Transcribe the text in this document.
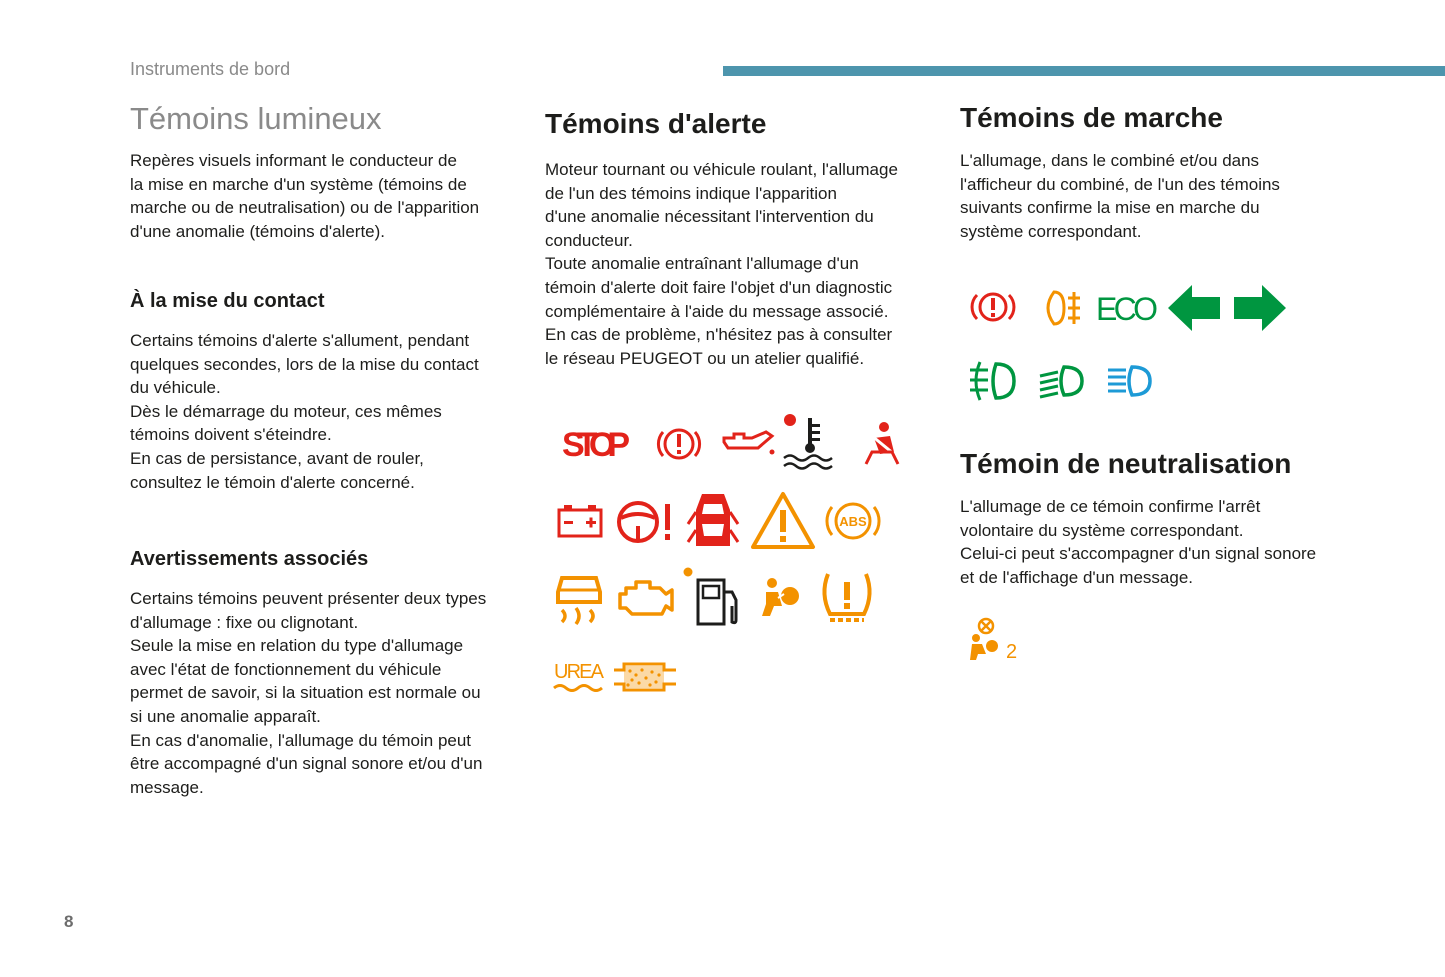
Instruments de bord
Témoins lumineux

Repères visuels informant le conducteur de
la mise en marche d'un système (témoins de
marche ou de neutralisation) ou de l'apparition
d'une anomalie (témoins d'alerte).

À la mise du contact

Certains témoins d'alerte s'allument, pendant
quelques secondes, lors de la mise du contact
du véhicule.
Dès le démarrage du moteur, ces mêmes
témoins doivent s'éteindre.
En cas de persistance, avant de rouler,
consultez le témoin d'alerte concerné.

Avertissements associés

Certains témoins peuvent présenter deux types
d'allumage : fixe ou clignotant.
Seule la mise en relation du type d'allumage
avec l'état de fonctionnement du véhicule
permet de savoir, si la situation est normale ou
si une anomalie apparaît.
En cas d'anomalie, l'allumage du témoin peut
être accompagné d'un signal sonore et/ou d'un
message.

Témoins d'alerte

Moteur tournant ou véhicule roulant, l'allumage
de l'un des témoins indique l'apparition
d'une anomalie nécessitant l'intervention du
conducteur.
Toute anomalie entraînant l'allumage d'un
témoin d'alerte doit faire l'objet d'un diagnostic
complémentaire à l'aide du message associé.
En cas de problème, n'hésitez pas à consulter
le réseau PEUGEOT ou un atelier qualifié.

STOP
ABS
UREA
Témoins de marche

L'allumage, dans le combiné et/ou dans
l'afficheur du combiné, de l'un des témoins
suivants confirme la mise en marche du
système correspondant.

ECO
Témoin de neutralisation

L'allumage de ce témoin confirme l'arrêt
volontaire du système correspondant.
Celui-ci peut s'accompagner d'un signal sonore
et de l'affichage d'un message.

2
8
